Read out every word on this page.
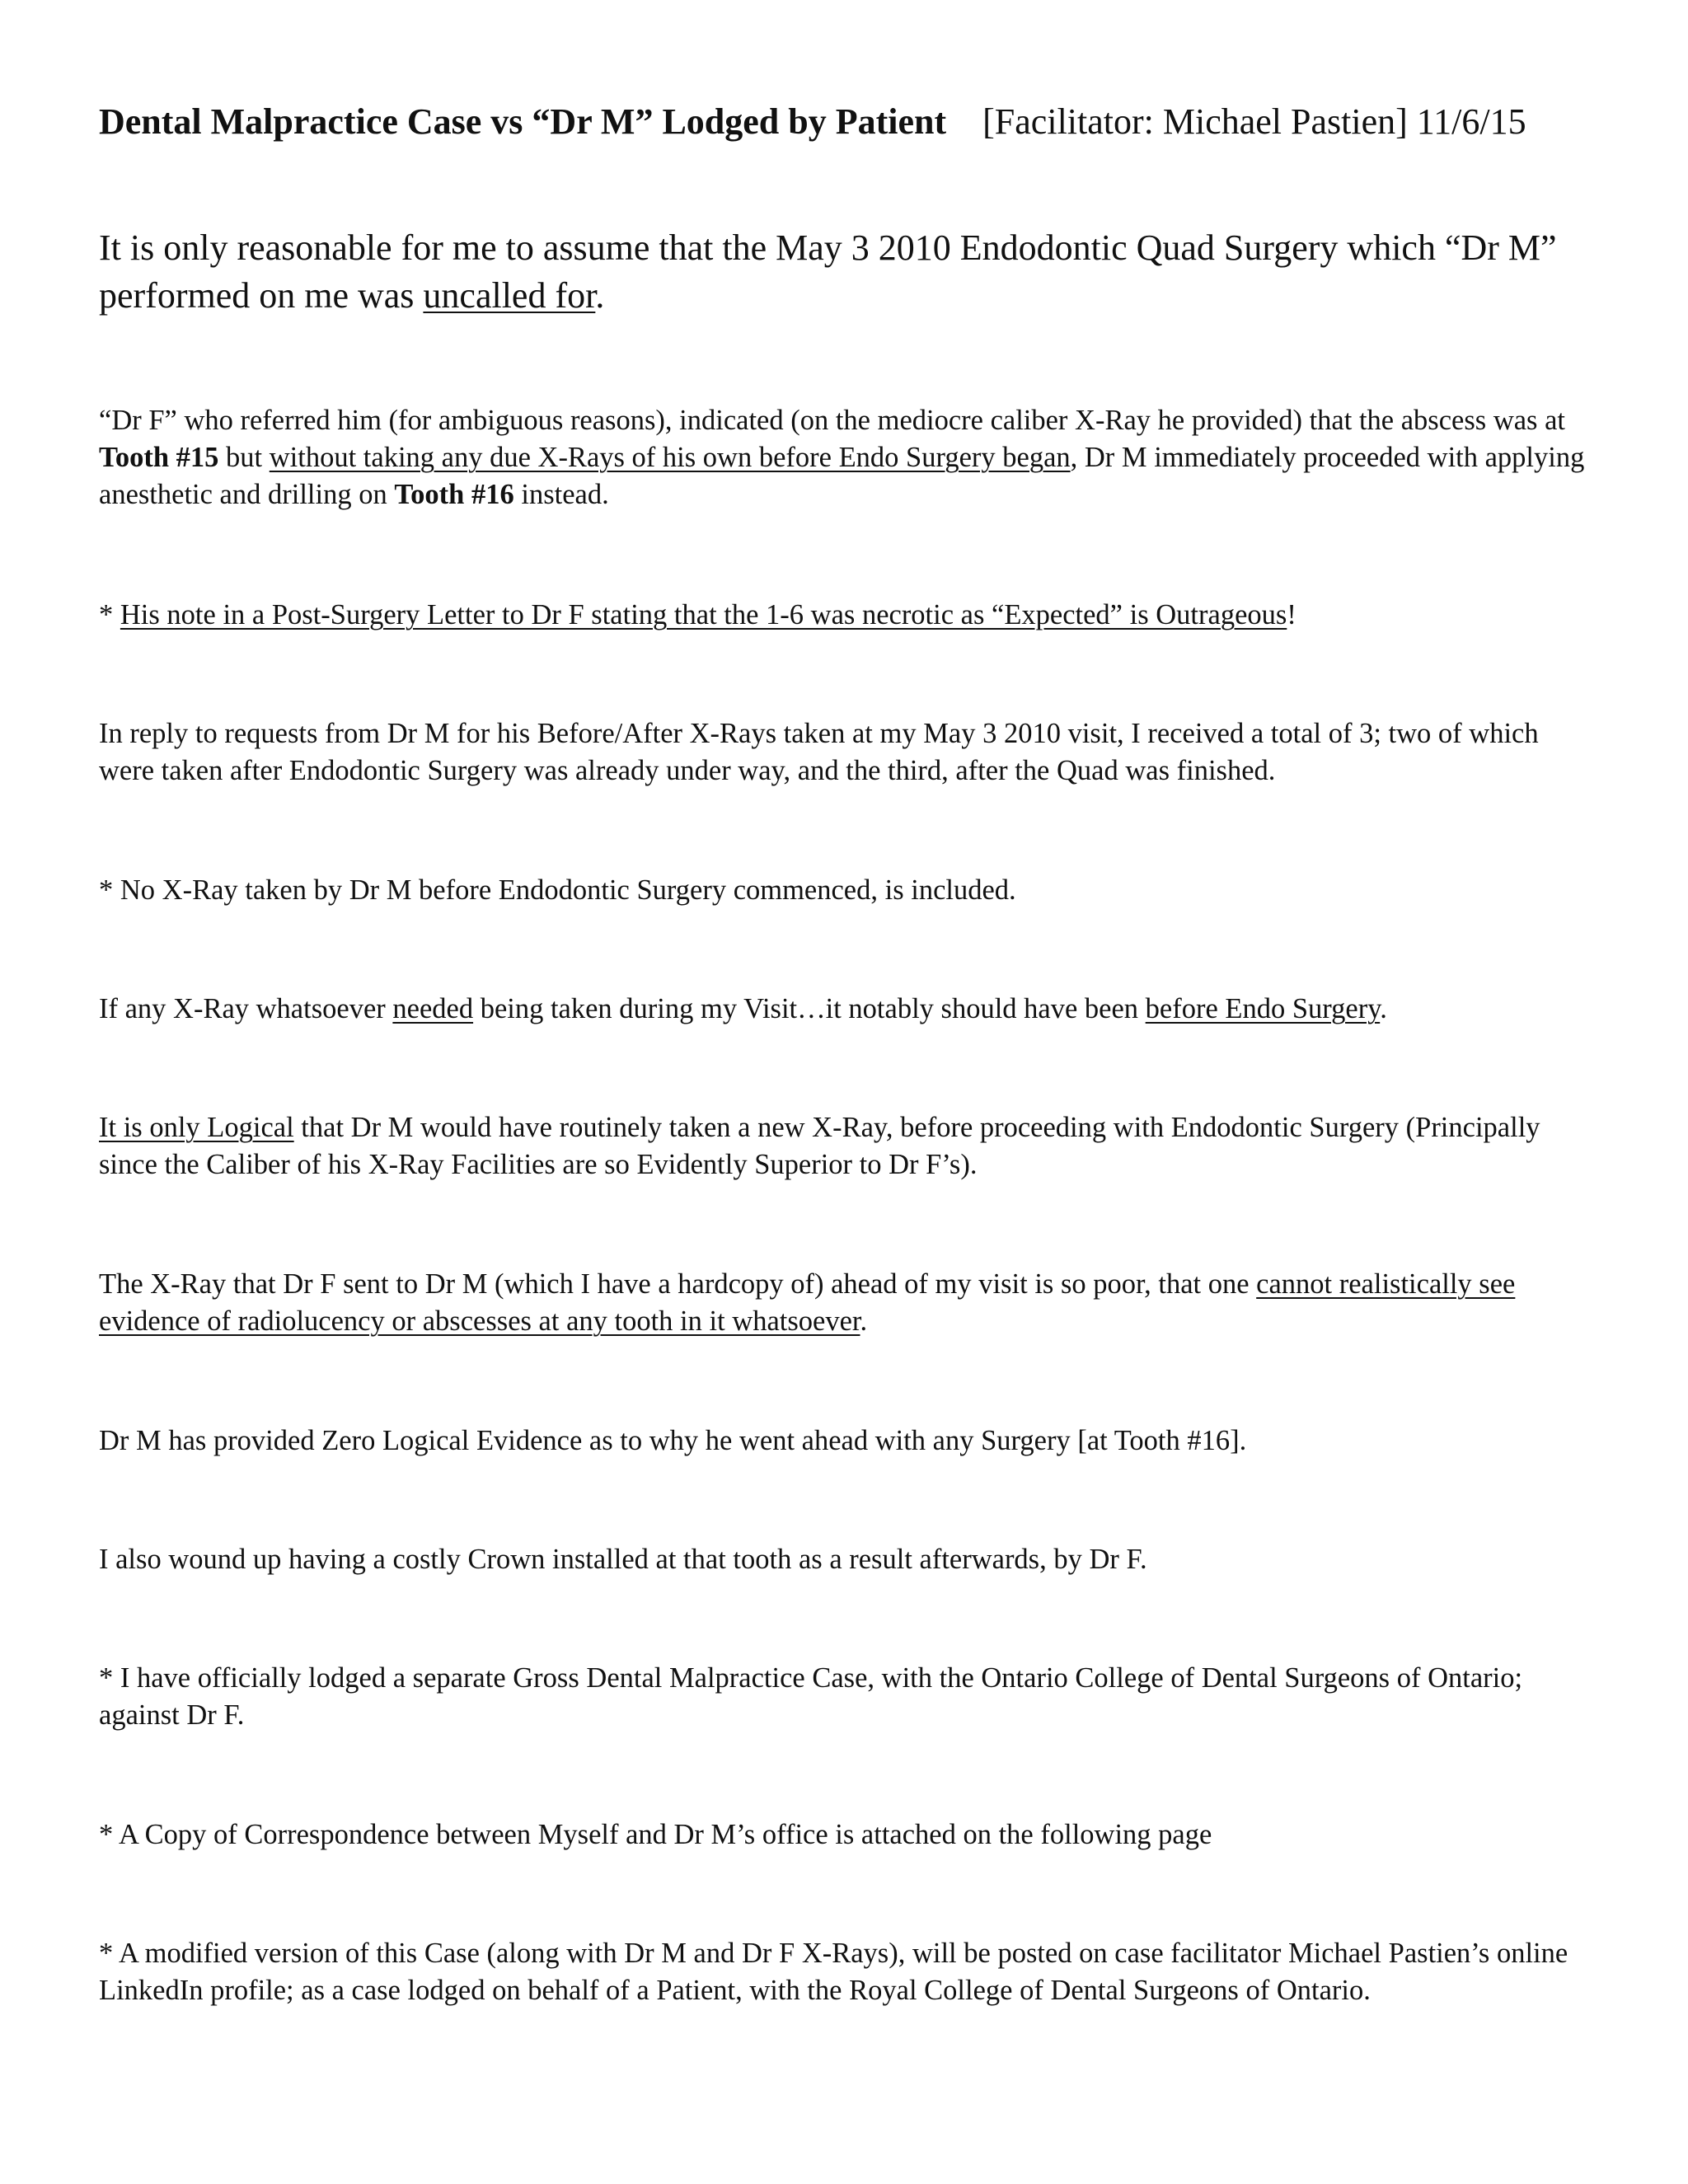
Dental Malpractice Case vs “Dr M” Lodged by Patient [Facilitator: Michael Pastien] 11/6/15

It is only reasonable for me to assume that the May 3 2010 Endodontic Quad Surgery which “Dr M” performed on me was uncalled for.

“Dr F” who referred him (for ambiguous reasons), indicated (on the mediocre caliber X-Ray he provided) that the abscess was at Tooth #15 but without taking any due X-Rays of his own before Endo Surgery began, Dr M immediately proceeded with applying anesthetic and drilling on Tooth #16 instead.

* His note in a Post-Surgery Letter to Dr F stating that the 1-6 was necrotic as “Expected” is Outrageous!

In reply to requests from Dr M for his Before/After X-Rays taken at my May 3 2010 visit, I received a total of 3; two of which were taken after Endodontic Surgery was already under way, and the third, after the Quad was finished.

* No X-Ray taken by Dr M before Endodontic Surgery commenced, is included.

If any X-Ray whatsoever needed being taken during my Visit…it notably should have been before Endo Surgery.

It is only Logical that Dr M would have routinely taken a new X-Ray, before proceeding with Endodontic Surgery (Principally since the Caliber of his X-Ray Facilities are so Evidently Superior to Dr F’s).

The X-Ray that Dr F sent to Dr M (which I have a hardcopy of) ahead of my visit is so poor, that one cannot realistically see evidence of radiolucency or abscesses at any tooth in it whatsoever.

Dr M has provided Zero Logical Evidence as to why he went ahead with any Surgery [at Tooth #16].

I also wound up having a costly Crown installed at that tooth as a result afterwards, by Dr F.

* I have officially lodged a separate Gross Dental Malpractice Case, with the Ontario College of Dental Surgeons of Ontario; against Dr F.

* A Copy of Correspondence between Myself and Dr M’s office is attached on the following page

* A modified version of this Case (along with Dr M and Dr F X-Rays), will be posted on case facilitator Michael Pastien’s online LinkedIn profile; as a case lodged on behalf of a Patient, with the Royal College of Dental Surgeons of Ontario.
